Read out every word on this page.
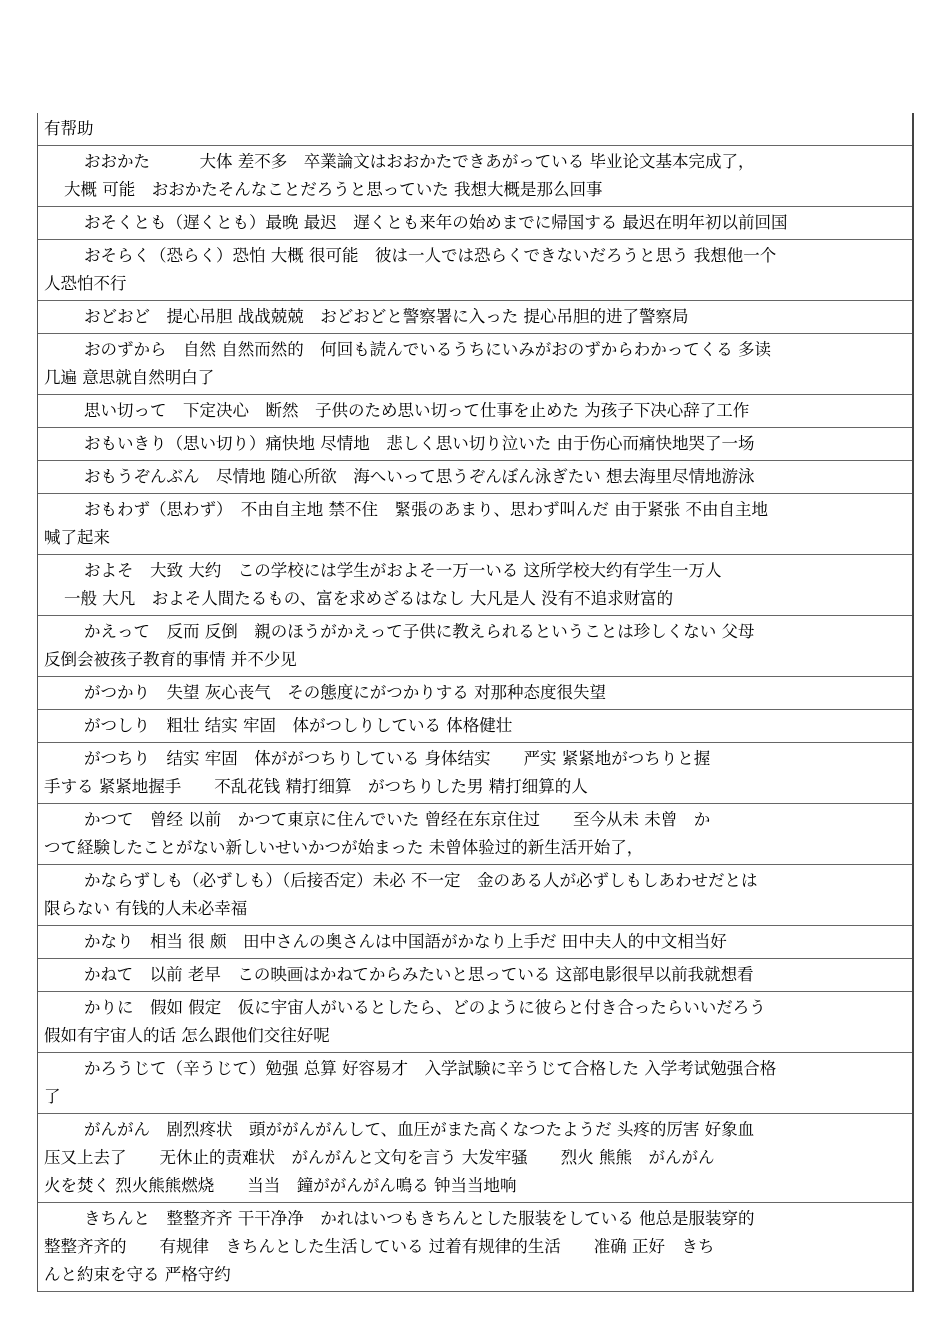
有帮助

おおかた　　　大体 差不多　卒業論文はおおかたできあがっている 毕业论文基本完成了，

大概 可能　おおかたそんなことだろうと思っていた 我想大概是那么回事

おそくとも（遅くとも）最晚 最迟　遅くとも来年の始めまでに帰国する 最迟在明年初以前回国

おそらく（恐らく）恐怕 大概 很可能　彼は一人では恐らくできないだろうと思う 我想他一个

人恐怕不行

おどおど　提心吊胆 战战兢兢　おどおどと警察署に入った 提心吊胆的进了警察局

おのずから　自然 自然而然的　何回も読んでいるうちにいみがおのずからわかってくる 多读

几遍 意思就自然明白了

思い切って　下定决心　断然　子供のため思い切って仕事を止めた 为孩子下决心辞了工作

おもいきり（思い切り）痛快地 尽情地　悲しく思い切り泣いた 由于伤心而痛快地哭了一场

おもうぞんぶん　尽情地 随心所欲　海へいって思うぞんぼん泳ぎたい 想去海里尽情地游泳

おもわず（思わず）　不由自主地 禁不住　緊張のあまり、思わず叫んだ 由于紧张 不由自主地

喊了起来

およそ　大致 大约　この学校には学生がおよそ一万一いる 这所学校大约有学生一万人

一般 大凡　およそ人間たるもの、富を求めざるはなし 大凡是人 没有不追求财富的

かえって　反而 反倒　親のほうがかえって子供に教えられるということは珍しくない 父母

反倒会被孩子教育的事情 并不少见

がつかり　失望 灰心丧气　その態度にがつかりする 对那种态度很失望

がつしり　粗壮 结实 牢固　体がつしりしている 体格健壮

がつちり　结实 牢固　体ががつちりしている 身体结实　　严实 紧紧地がつちりと握

手する 紧紧地握手　　不乱花钱 精打细算　がつちりした男 精打细算的人

かつて　曾经 以前　かつて東京に住んでいた 曾经在东京住过　　至今从未 未曾　か

つて経験したことがない新しいせいかつが始まった 未曾体验过的新生活开始了，

かならずしも（必ずしも）（后接否定）未必 不一定　金のある人が必ずしもしあわせだとは

限らない 有钱的人未必幸福

かなり　相当 很 颇　田中さんの奥さんは中国語がかなり上手だ 田中夫人的中文相当好

かねて　以前 老早　この映画はかねてからみたいと思っている 这部电影很早以前我就想看

かりに　假如 假定　仮に宇宙人がいるとしたら、どのように彼らと付き合ったらいいだろう

假如有宇宙人的话 怎么跟他们交往好呢

かろうじて（辛うじて）勉强 总算 好容易才　入学試験に辛うじて合格した 入学考试勉强合格

了

がんがん　剧烈疼状　頭ががんがんして、血圧がまた高くなつたようだ 头疼的厉害 好象血

压又上去了　　无休止的责难状　がんがんと文句を言う 大发牢骚　　烈火 熊熊　がんがん

火を焚く 烈火熊熊燃烧　　当当　鐘ががんがん鳴る 钟当当地响

きちんと　整整齐齐 干干净净　かれはいつもきちんとした服装をしている 他总是服装穿的

整整齐齐的　　有规律　きちんとした生活している 过着有规律的生活　　准确 正好　きち

んと約束を守る 严格守约
